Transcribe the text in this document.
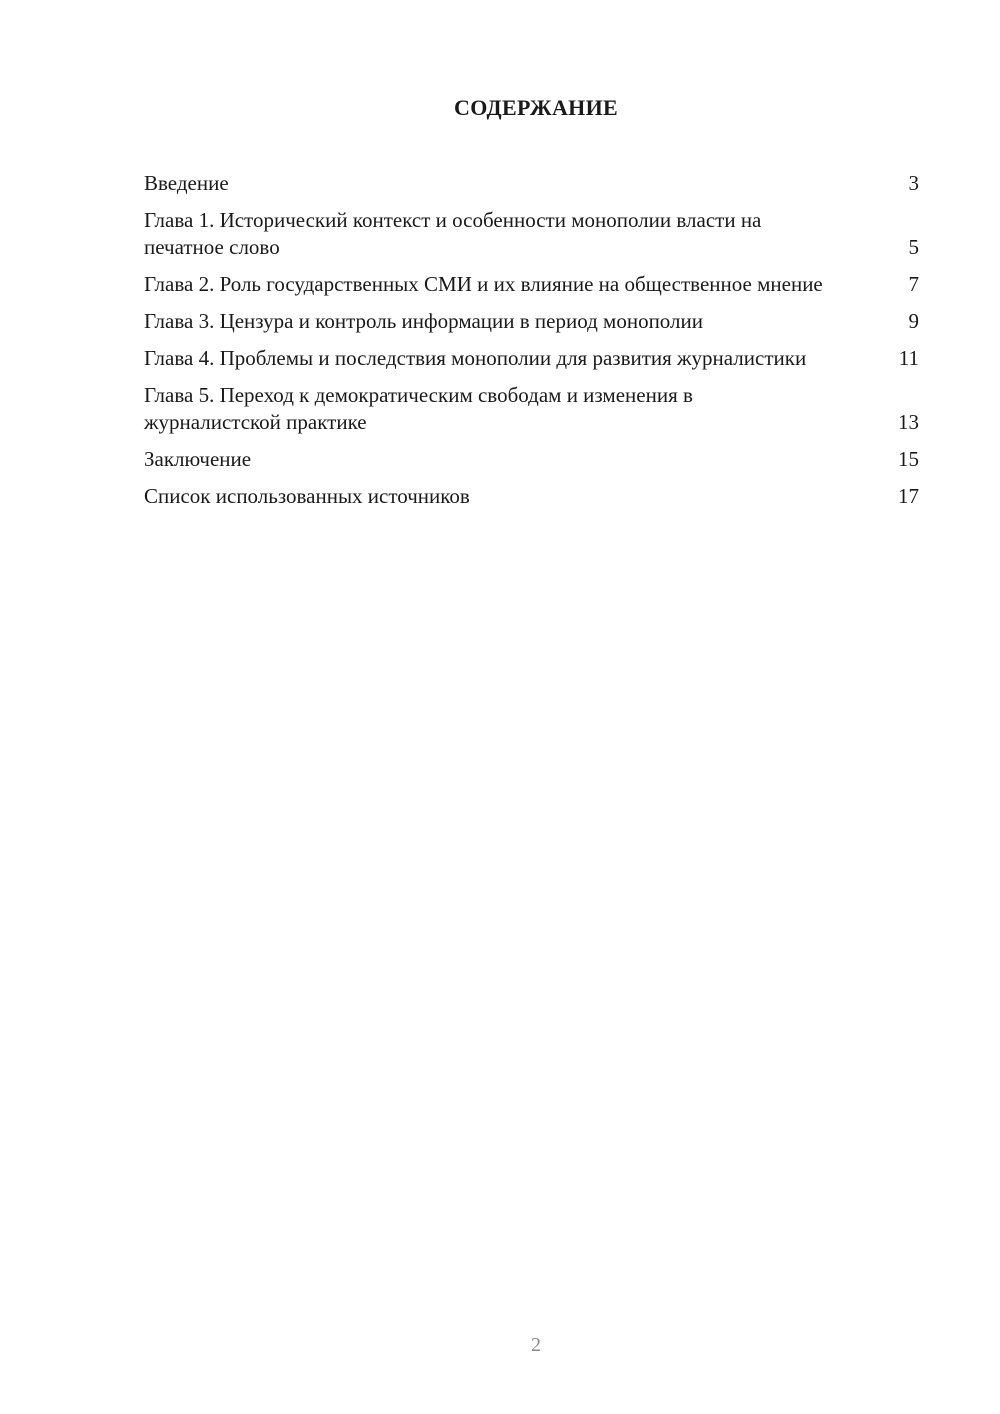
СОДЕРЖАНИЕ
Введение	3
Глава 1. Исторический контекст и особенности монополии власти на печатное слово	5
Глава 2. Роль государственных СМИ и их влияние на общественное мнение	7
Глава 3. Цензура и контроль информации в период монополии	9
Глава 4. Проблемы и последствия монополии для развития журналистики	11
Глава 5. Переход к демократическим свободам и изменения в журналистской практике	13
Заключение	15
Список использованных источников	17
2
